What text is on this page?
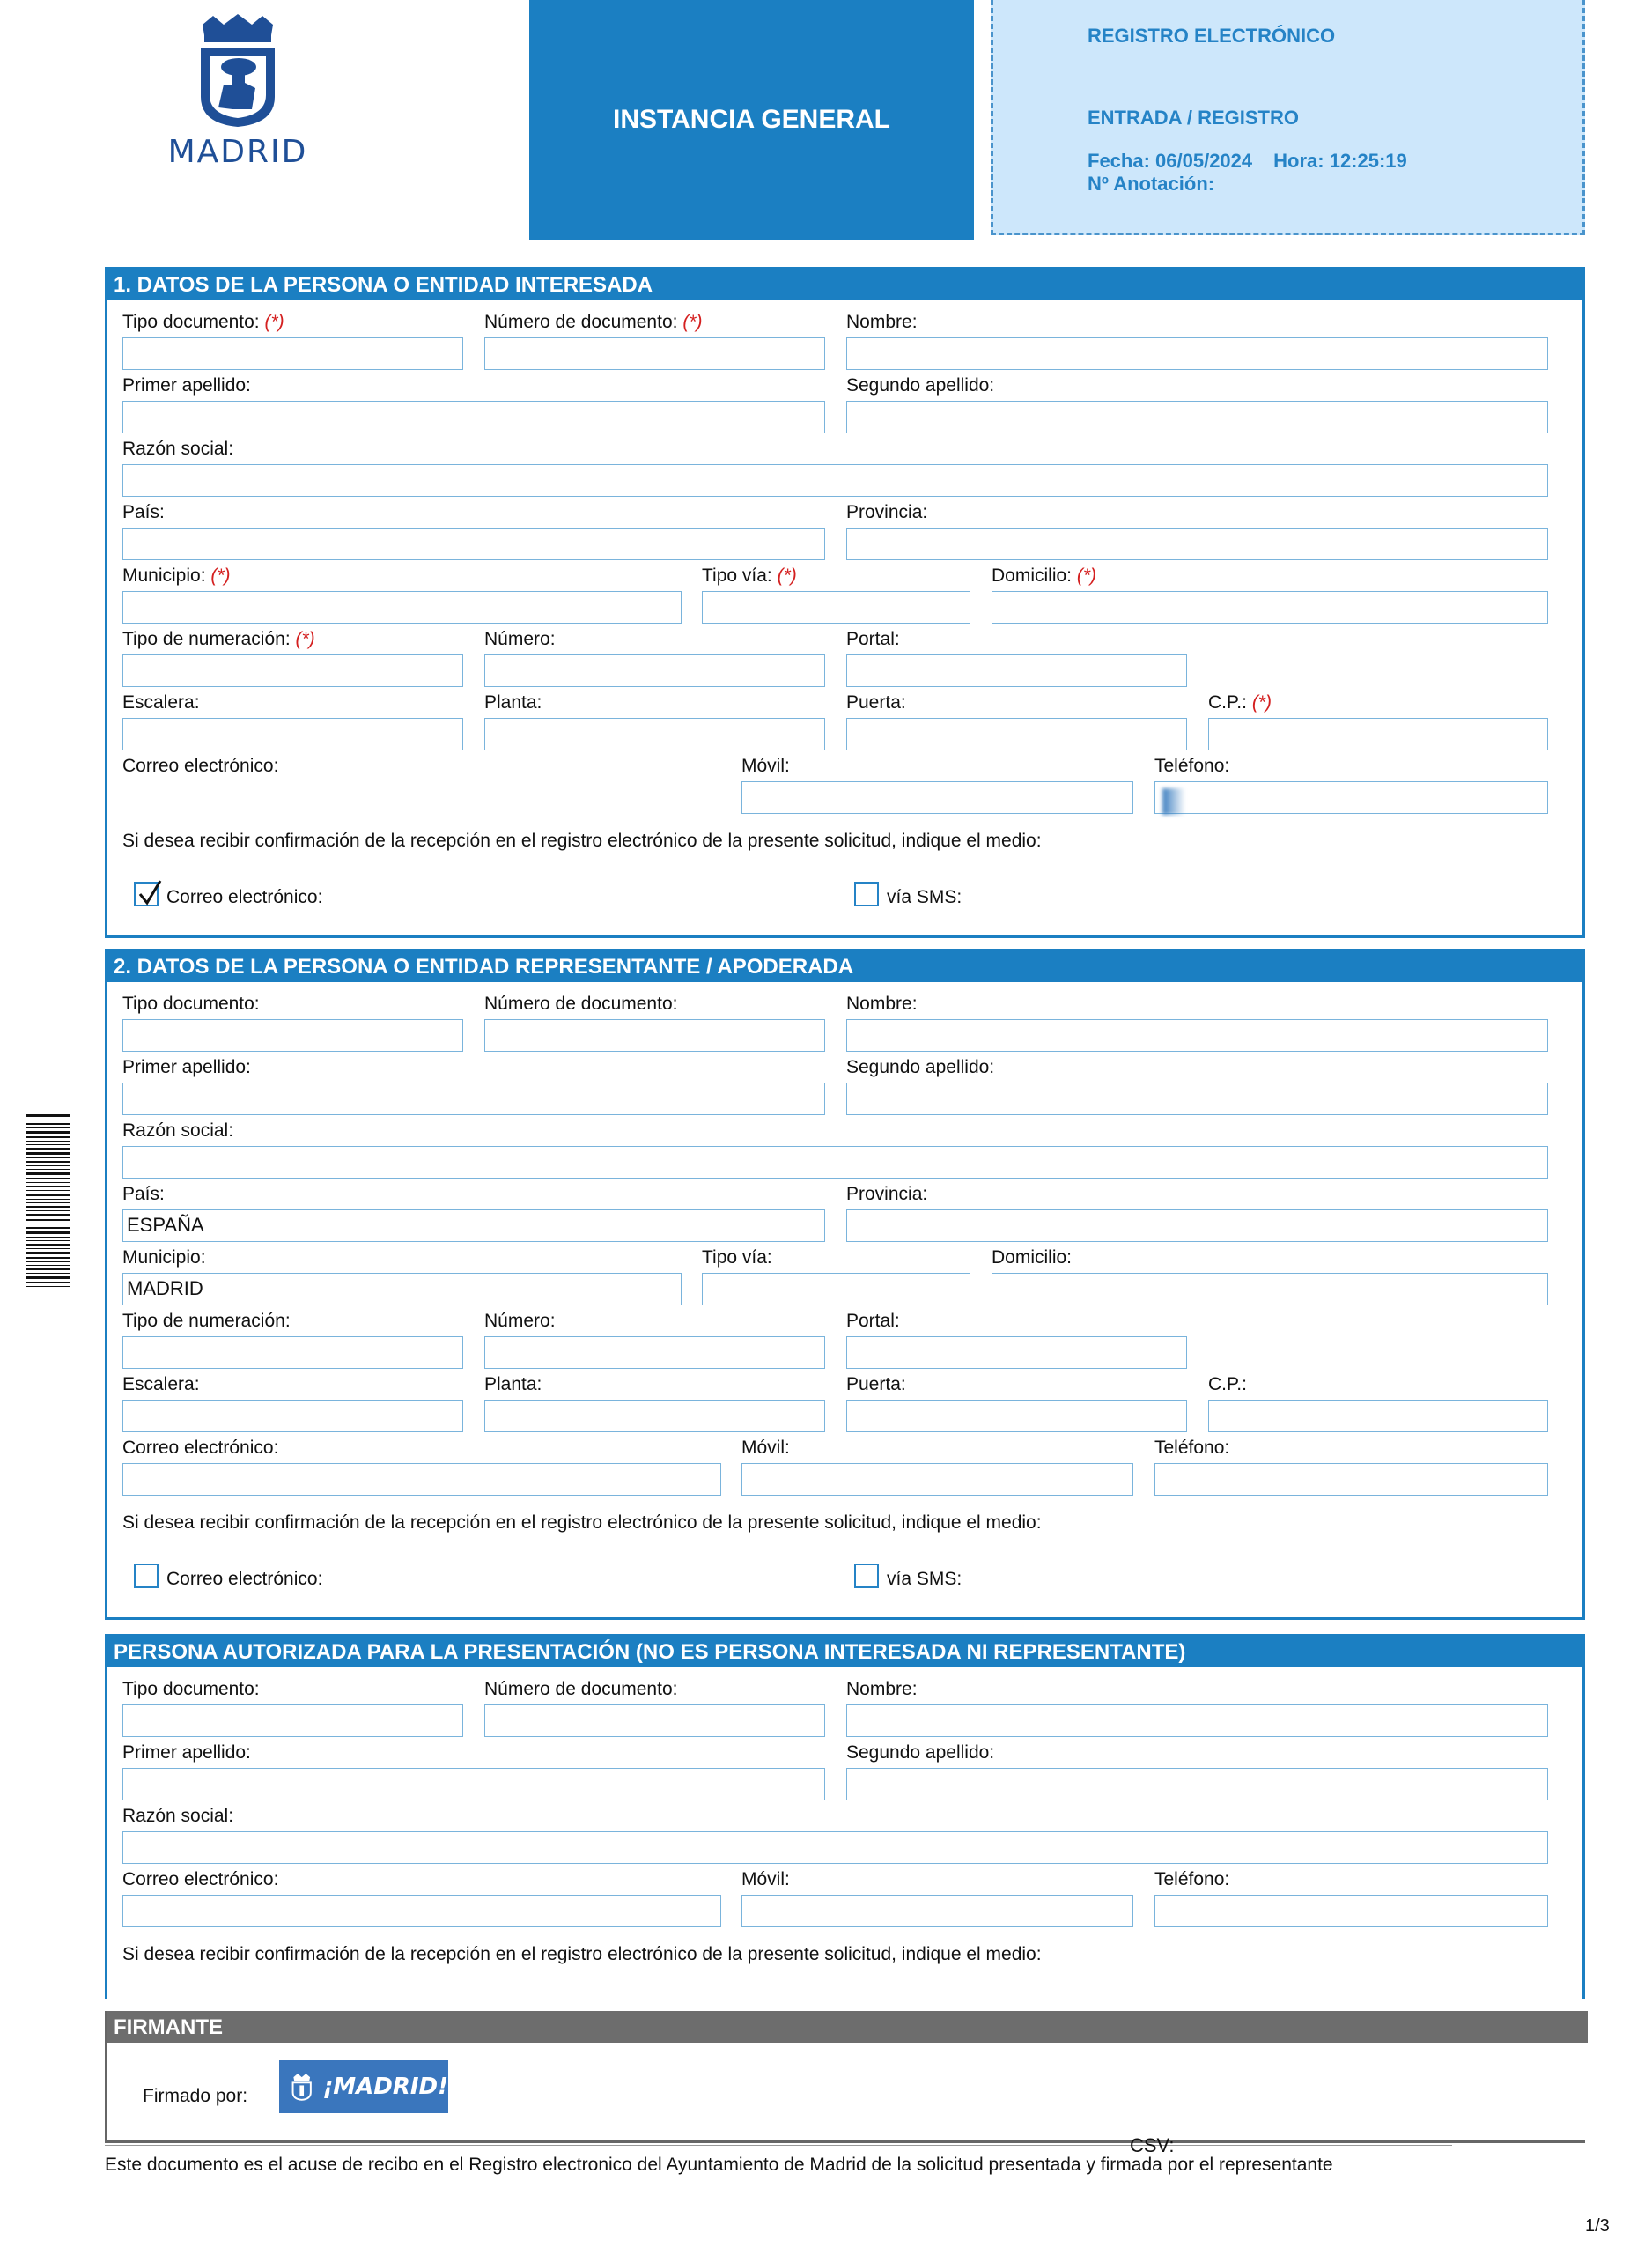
MADRID
INSTANCIA GENERAL
REGISTRO ELECTRÓNICO
ENTRADA / REGISTRO
Fecha: 06/05/2024 Hora: 12:25:19
Nº Anotación:
1. DATOS DE LA PERSONA O ENTIDAD INTERESADA
Tipo documento: (*)	Número de documento: (*)	Nombre:
Primer apellido:	Segundo apellido:
Razón social:
País:	Provincia:
Municipio: (*)	Tipo vía: (*)	Domicilio: (*)
Tipo de numeración: (*)	Número:	Portal:
Escalera:	Planta:	Puerta:	C.P.: (*)
Correo electrónico:	Móvil:	Teléfono:
Si desea recibir confirmación de la recepción en el registro electrónico de la presente solicitud, indique el medio:
Correo electrónico:	vía SMS:
2. DATOS DE LA PERSONA O ENTIDAD REPRESENTANTE / APODERADA
Tipo documento:	Número de documento:	Nombre:
Primer apellido:	Segundo apellido:
Razón social:
País:	Provincia:
ESPAÑA
Municipio:	Tipo vía:	Domicilio:
MADRID
Tipo de numeración:	Número:	Portal:
Escalera:	Planta:	Puerta:	C.P.:
Correo electrónico:	Móvil:	Teléfono:
Si desea recibir confirmación de la recepción en el registro electrónico de la presente solicitud, indique el medio:
Correo electrónico:	vía SMS:
PERSONA AUTORIZADA PARA LA PRESENTACIÓN (NO ES PERSONA INTERESADA NI REPRESENTANTE)
Tipo documento:	Número de documento:	Nombre:
Primer apellido:	Segundo apellido:
Razón social:
Correo electrónico:	Móvil:	Teléfono:
Si desea recibir confirmación de la recepción en el registro electrónico de la presente solicitud, indique el medio:
FIRMANTE
Firmado por:	¡MADRID!
CSV:
Este documento es el acuse de recibo en el Registro electronico del Ayuntamiento de Madrid de la solicitud presentada y firmada por el representante
1/3
